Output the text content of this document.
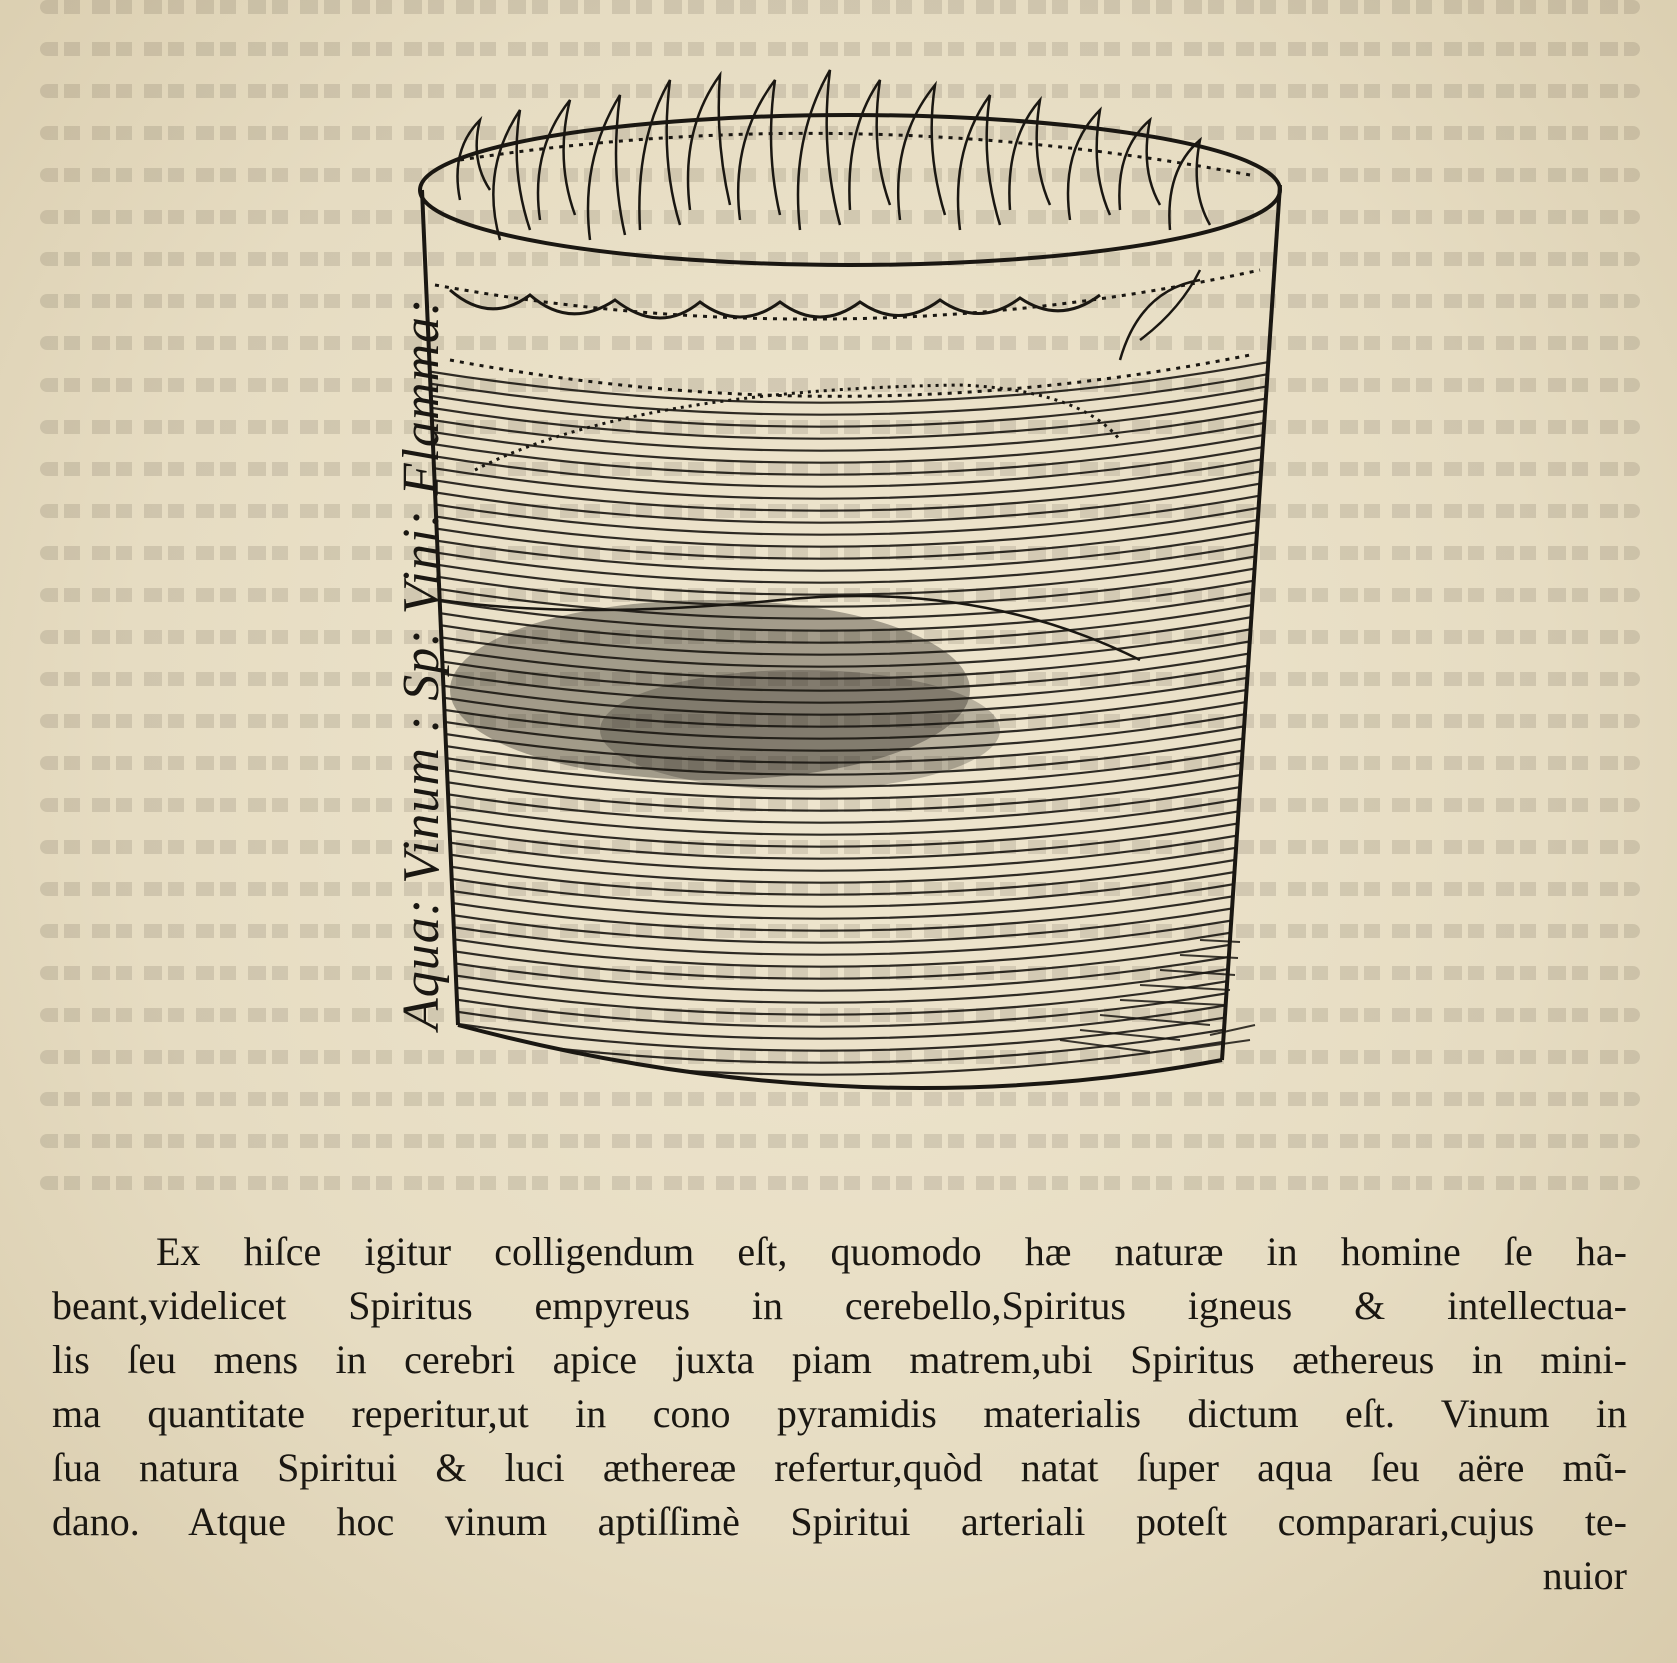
Aqua: Vinum : Sp: Vini: Flamma:
Ex hiſce igitur colligendum eſt, quomodo hæ naturæ in homine ſe ha-
beant,videlicet Spiritus empyreus in cerebello,Spiritus igneus & intellectua-
lis ſeu mens in cerebri apice juxta piam matrem,ubi Spiritus æthereus in mini-
ma quantitate reperitur,ut in cono pyramidis materialis dictum eſt. Vinum in
ſua natura Spiritui & luci æthereæ refertur,quòd natat ſuper aqua ſeu aëre mũ-
dano. Atque hoc vinum aptiſſimè Spiritui arteriali poteſt comparari,cujus te-
nuior
